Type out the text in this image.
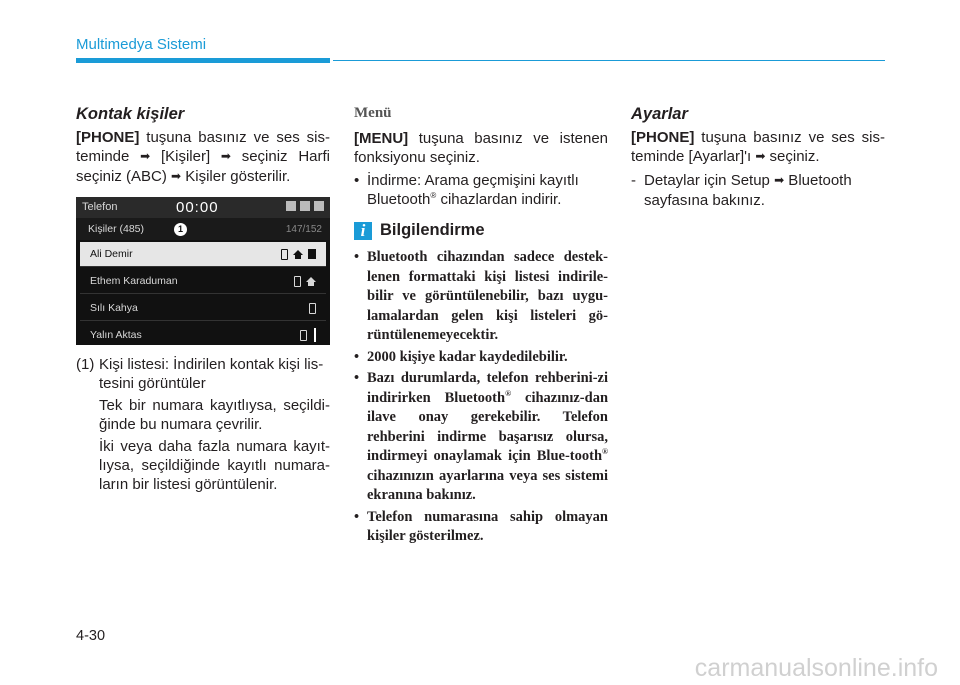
Multimedya Sistemi
Kontak kişiler

[PHONE] tuşuna basınız ve ses sis-teminde ➡ [Kişiler] ➡ seçiniz Harfi seçiniz (ABC) ➡ Kişiler gösterilir.

Telefon	00:00
Kişiler (485)	1	147/152
Ali Demir
Ethem Karaduman
Sılı Kahya
Yalın Aktas
(1) Kişi listesi: İndirilen kontak kişi lis-tesini görüntüler

Tek bir numara kayıtlıysa, seçildi-ğinde bu numara çevrilir.

İki veya daha fazla numara kayıt-lıysa, seçildiğinde kayıtlı numara-ların bir listesi görüntülenir.

Menü

[MENU] tuşuna basınız ve istenen fonksiyonu seçiniz.

• İndirme: Arama geçmişini kayıtlı Bluetooth® cihazlardan indirir.
i Bilgilendirme
• Bluetooth cihazından sadece destek-lenen formattaki kişi listesi indirile-bilir ve görüntülenebilir, bazı uygu-lamalardan gelen kişi listeleri gö-rüntülenemeyecektir.
• 2000 kişiye kadar kaydedilebilir.
• Bazı durumlarda, telefon rehberini-zi indirirken Bluetooth® cihazınız-dan ilave onay gerekebilir. Telefon rehberini indirme başarısız olursa, indirmeyi onaylamak için Blue-tooth® cihazınızın ayarlarına veya ses sistemi ekranına bakınız.
• Telefon numarasına sahip olmayan kişiler gösterilmez.
Ayarlar

[PHONE] tuşuna basınız ve ses sis-teminde [Ayarlar]'ı ➡ seçiniz.

- Detaylar için Setup ➡ Bluetooth sayfasına bakınız.
4-30
carmanualsonline.info
